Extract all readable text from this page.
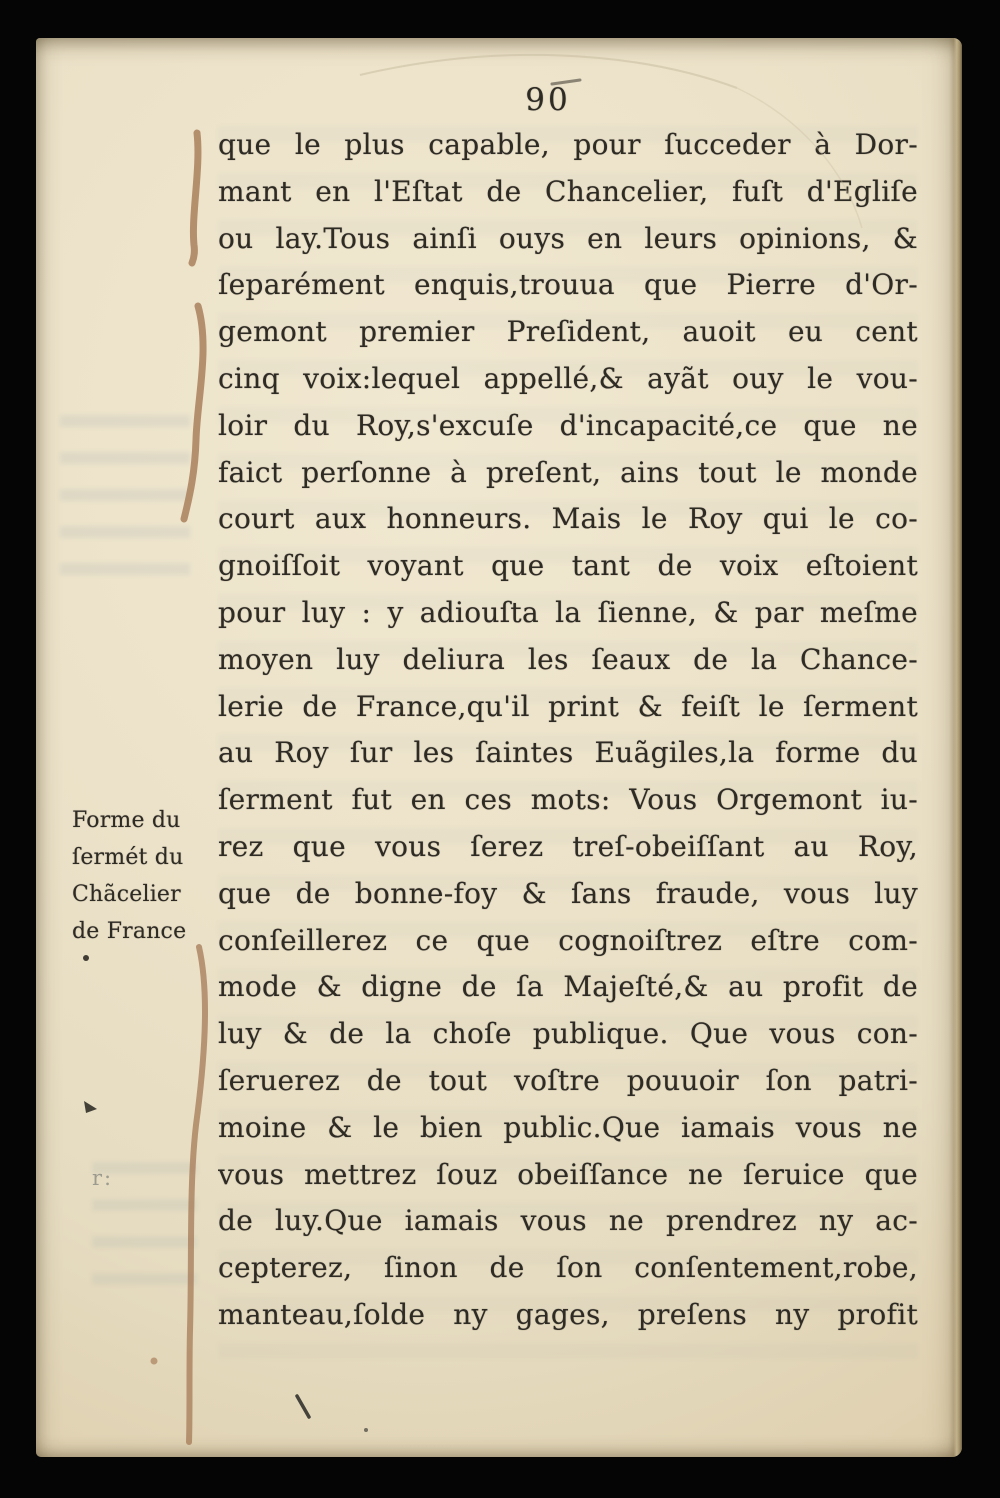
90
que le plus capable, pour ſucceder à Dor-
mant en l'Eſtat de Chancelier, fuſt d'Egliſe
ou lay.Tous ainſi ouys en leurs opinions, &
ſeparément enquis,trouua que Pierre d'Or-
gemont premier Preſident, auoit eu cent
cinq voix:lequel appellé,& ayãt ouy le vou-
loir du Roy,s'excuſe d'incapacité,ce que ne
faict perſonne à preſent, ains tout le monde
court aux honneurs. Mais le Roy qui le co-
gnoiſſoit voyant que tant de voix eſtoient
pour luy : y adiouſta la ſienne, & par meſme
moyen luy deliura les ſeaux de la Chance-
lerie de France,qu'il print & feiſt le ſerment
au Roy ſur les ſaintes Euãgiles,la forme du
ſerment fut en ces mots: Vous Orgemont iu-
rez que vous ſerez treſ-obeiſſant au Roy,
que de bonne-foy & ſans fraude, vous luy
conſeillerez ce que cognoiſtrez eſtre com-
mode & digne de ſa Majeſté,& au profit de
luy & de la choſe publique. Que vous con-
ſeruerez de tout voſtre pouuoir ſon patri-
moine & le bien public.Que iamais vous ne
vous mettrez ſouz obeiſſance ne ſeruice que
de luy.Que iamais vous ne prendrez ny ac-
cepterez, ſinon de ſon conſentement,robe,
manteau,ſolde ny gages, preſens ny profit
Forme du
ſermét du
Chãcelier
de France
r:
